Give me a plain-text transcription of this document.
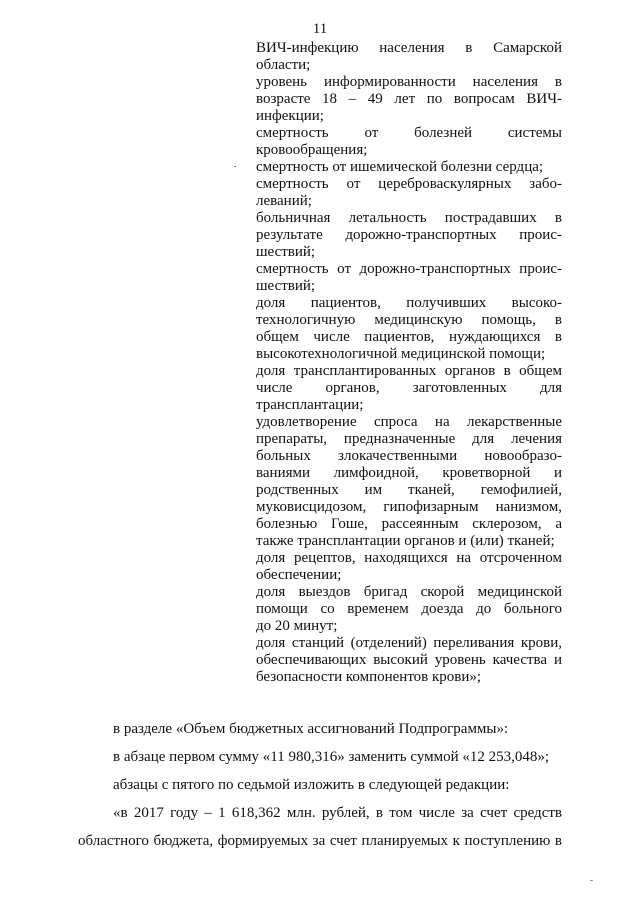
11
ВИЧ-инфекцию населения в Самарской
области;
уровень информированности населения в
возрасте 18 – 49 лет по вопросам ВИЧ-
инфекции;
смертность от болезней системы
кровообращения;
смертность от ишемической болезни сердца;
смертность от цереброваскулярных забо-
леваний;
больничная летальность пострадавших в
результате дорожно-транспортных проис-
шествий;
смертность от дорожно-транспортных проис-
шествий;
доля пациентов, получивших высоко-
технологичную медицинскую помощь, в
общем числе пациентов, нуждающихся в
высокотехнологичной медицинской помощи;
доля трансплантированных органов в общем
числе органов, заготовленных для
трансплантации;
удовлетворение спроса на лекарственные
препараты, предназначенные для лечения
больных злокачественными новообразо-
ваниями лимфоидной, кроветворной и
родственных им тканей, гемофилией,
муковисцидозом, гипофизарным нанизмом,
болезнью Гоше, рассеянным склерозом, а
также трансплантации органов и (или) тканей;
доля рецептов, находящихся на отсроченном
обеспечении;
доля выездов бригад скорой медицинской
помощи со временем доезда до больного
до 20 минут;
доля станций (отделений) переливания крови,
обеспечивающих высокий уровень качества и
безопасности компонентов крови»;

в разделе «Объем бюджетных ассигнований Подпрограммы»:

в абзаце первом сумму «11 980,316» заменить суммой «12 253,048»;

абзацы с пятого по седьмой изложить в следующей редакции:

«в 2017 году – 1 618,362 млн. рублей, в том числе за счет средств

областного бюджета, формируемых за счет планируемых к поступлению в
